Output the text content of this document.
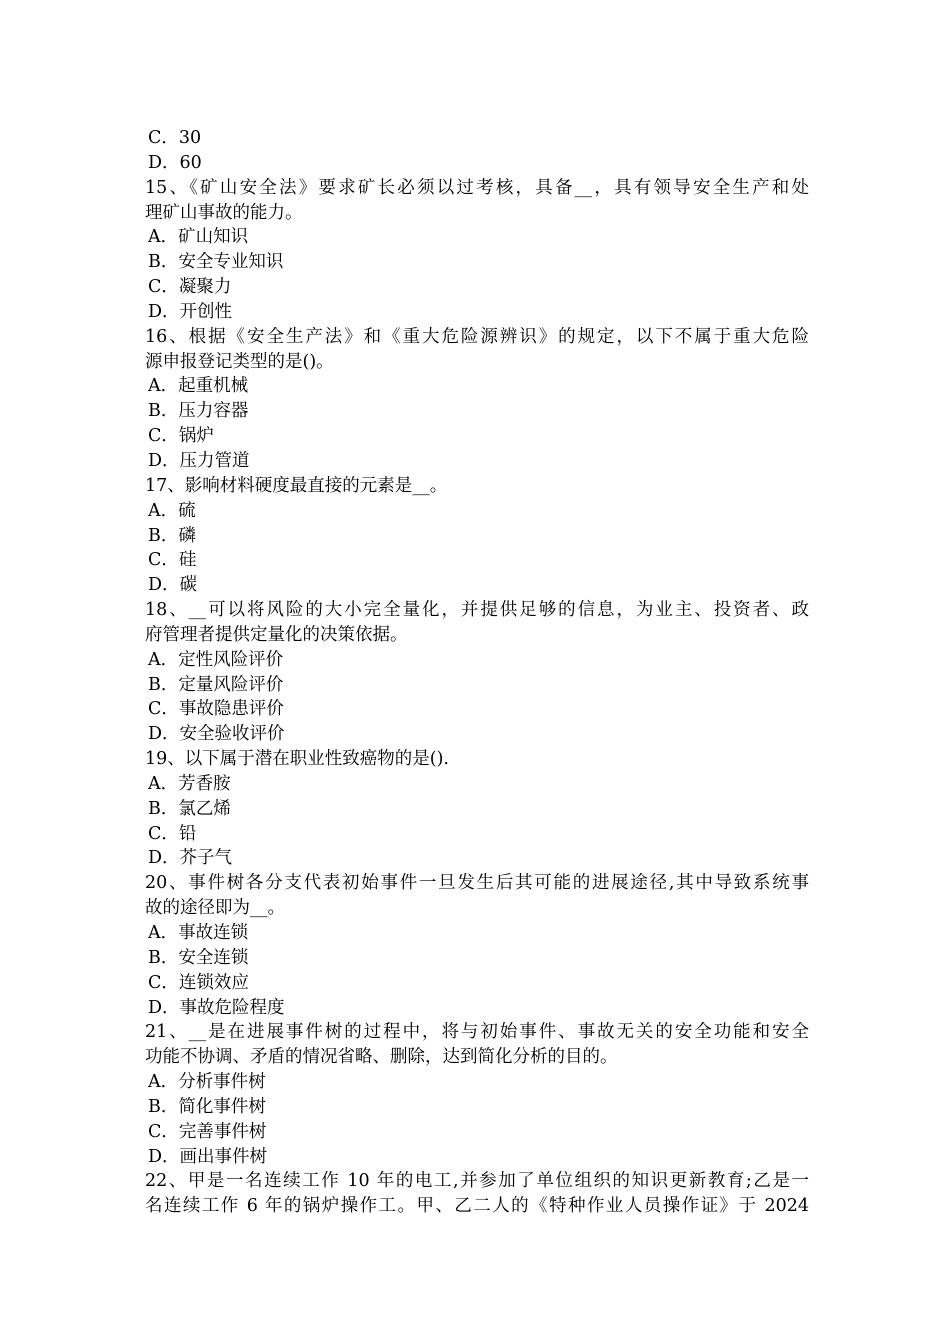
C．30
D．60
15、《矿山安全法》要求矿长必须以过考核，具备__，具有领导安全生产和处
理矿山事故的能力。
A．矿山知识
B．安全专业知识
C．凝聚力
D．开创性
16、根据《安全生产法》和《重大危险源辨识》的规定，以下不属于重大危险
源申报登记类型的是()。
A．起重机械
B．压力容器
C．锅炉
D．压力管道
17、影响材料硬度最直接的元素是__。
A．硫
B．磷
C．硅
D．碳
18、__可以将风险的大小完全量化，并提供足够的信息，为业主、投资者、政
府管理者提供定量化的决策依据。
A．定性风险评价
B．定量风险评价
C．事故隐患评价
D．安全验收评价
19、以下属于潜在职业性致癌物的是().
A．芳香胺
B．氯乙烯
C．铅
D．芥子气
20、事件树各分支代表初始事件一旦发生后其可能的进展途径,其中导致系统事
故的途径即为__。
A．事故连锁
B．安全连锁
C．连锁效应
D．事故危险程度
21、__是在进展事件树的过程中，将与初始事件、事故无关的安全功能和安全
功能不协调、矛盾的情况省略、删除，达到简化分析的目的。
A．分析事件树
B．简化事件树
C．完善事件树
D．画出事件树
22、甲是一名连续工作 10 年的电工,并参加了单位组织的知识更新教育;乙是一
名连续工作 6 年的锅炉操作工。甲、乙二人的《特种作业人员操作证》于 2024
